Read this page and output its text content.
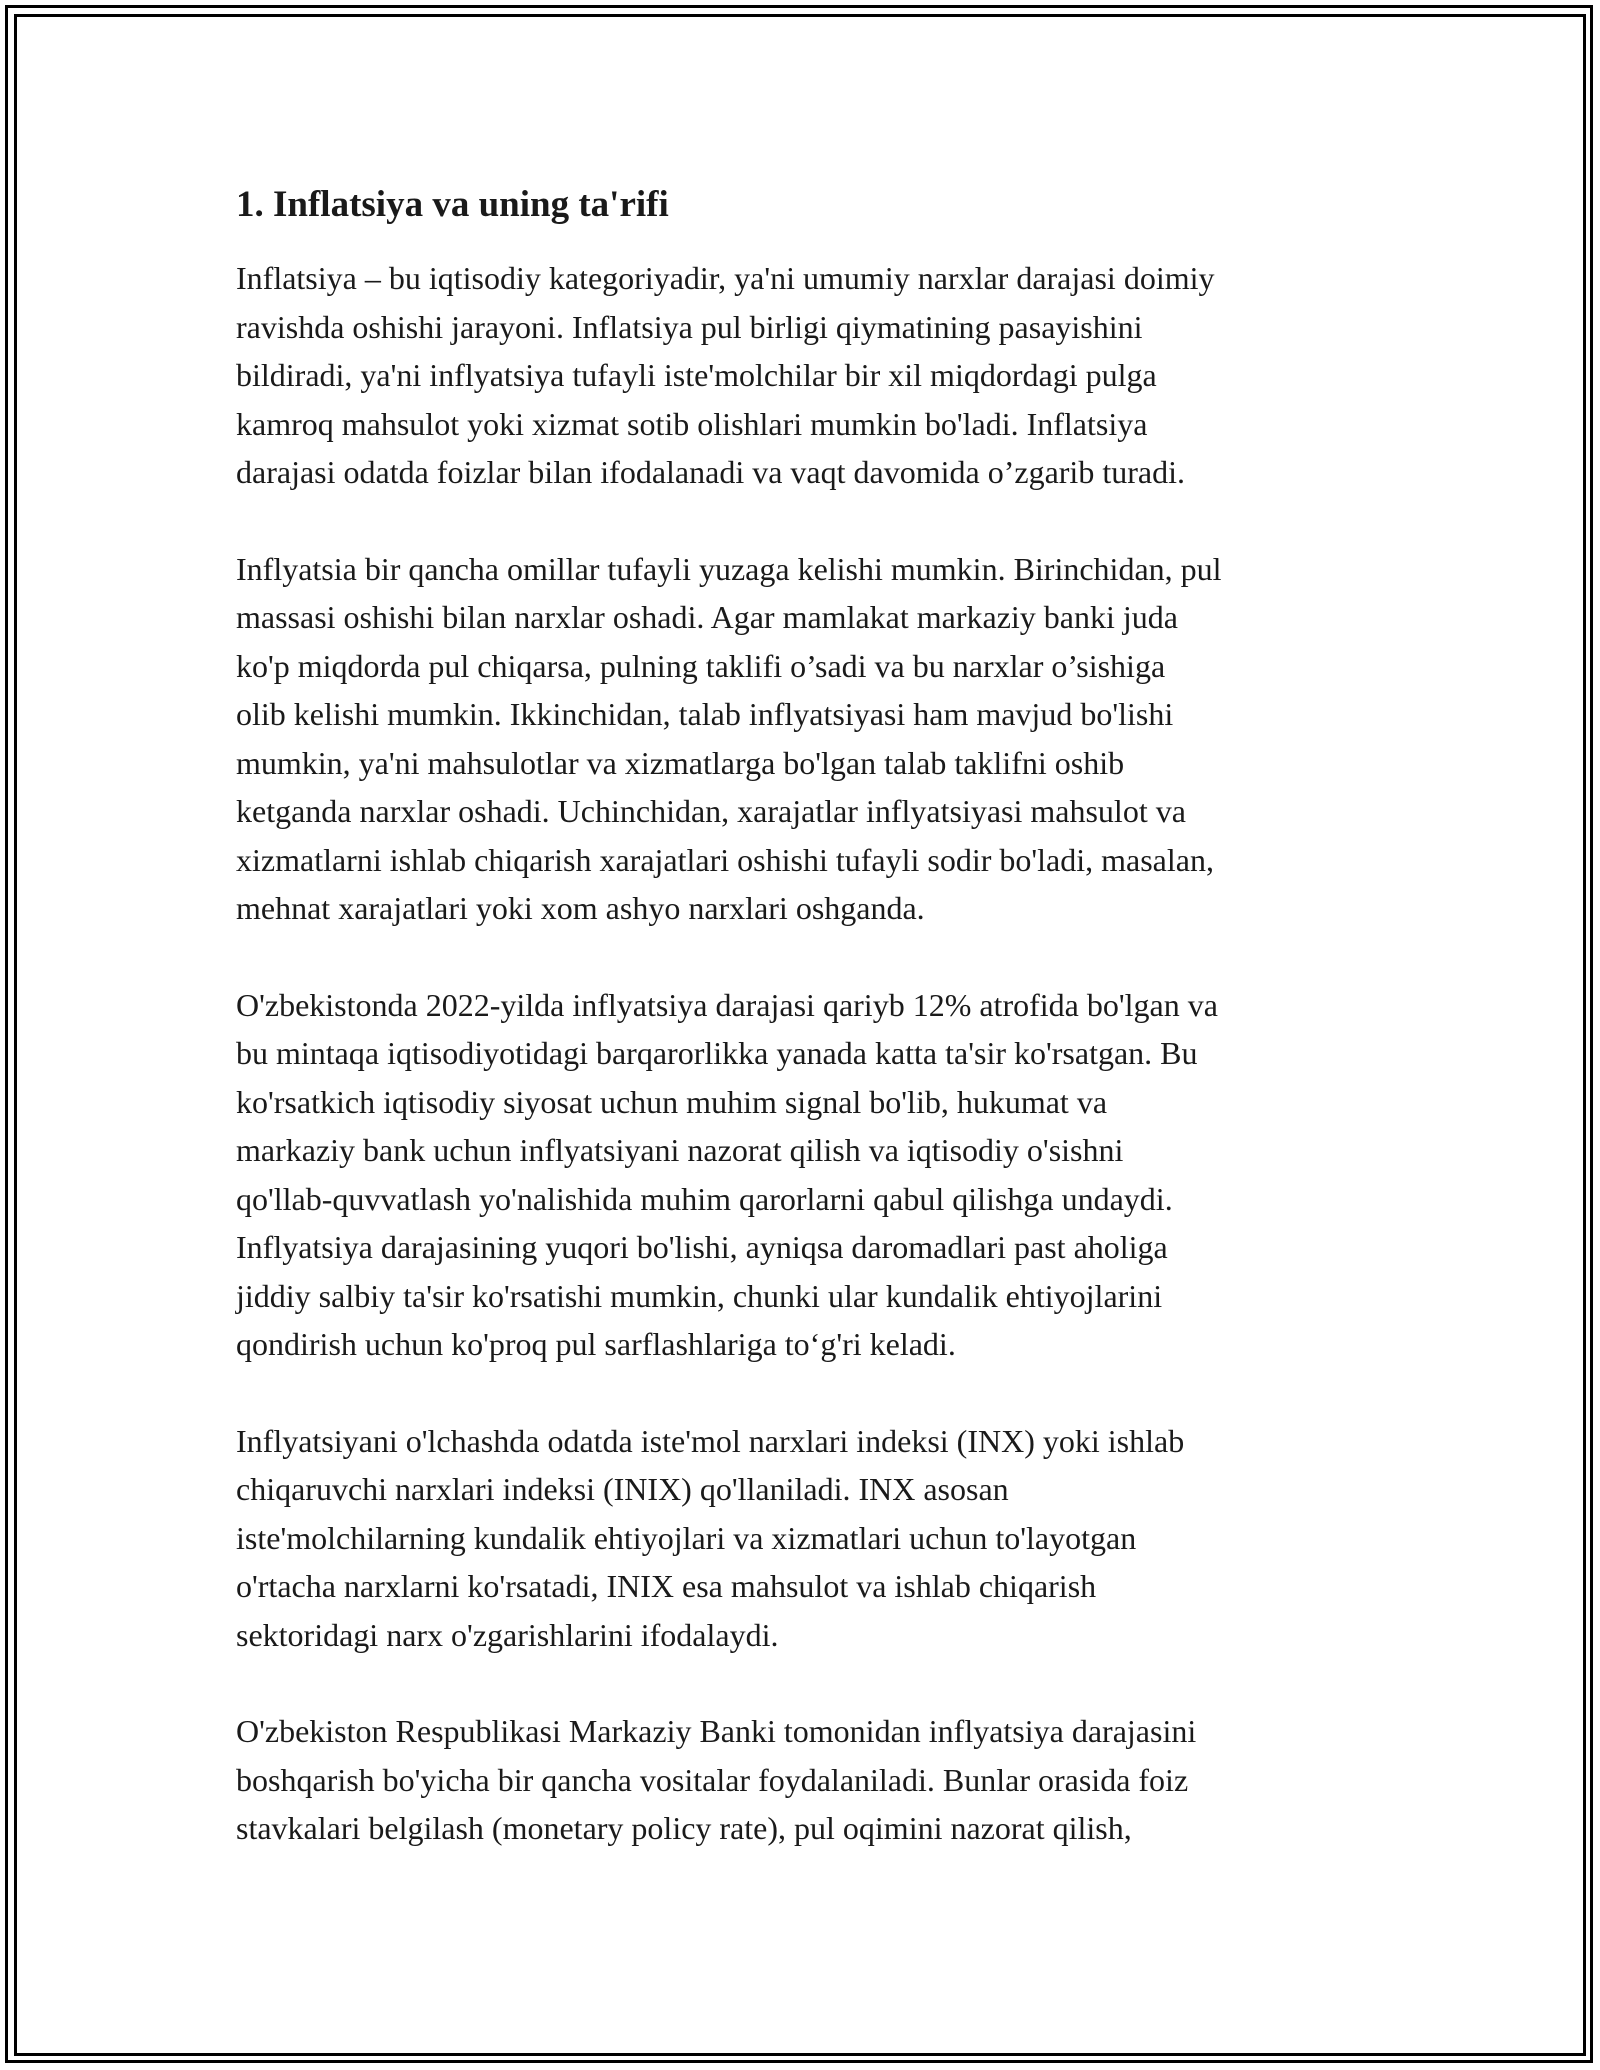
1. Inflatsiya va uning ta'rifi

Inflatsiya – bu iqtisodiy kategoriyadir, ya'ni umumiy narxlar darajasi doimiy
ravishda oshishi jarayoni. Inflatsiya pul birligi qiymatining pasayishini
bildiradi, ya'ni inflyatsiya tufayli iste'molchilar bir xil miqdordagi pulga
kamroq mahsulot yoki xizmat sotib olishlari mumkin bo'ladi. Inflatsiya
darajasi odatda foizlar bilan ifodalanadi va vaqt davomida o’zgarib turadi.

Inflyatsia bir qancha omillar tufayli yuzaga kelishi mumkin. Birinchidan, pul
massasi oshishi bilan narxlar oshadi. Agar mamlakat markaziy banki juda
ko'p miqdorda pul chiqarsa, pulning taklifi o’sadi va bu narxlar o’sishiga
olib kelishi mumkin. Ikkinchidan, talab inflyatsiyasi ham mavjud bo'lishi
mumkin, ya'ni mahsulotlar va xizmatlarga bo'lgan talab taklifni oshib
ketganda narxlar oshadi. Uchinchidan, xarajatlar inflyatsiyasi mahsulot va
xizmatlarni ishlab chiqarish xarajatlari oshishi tufayli sodir bo'ladi, masalan,
mehnat xarajatlari yoki xom ashyo narxlari oshganda.

O'zbekistonda 2022-yilda inflyatsiya darajasi qariyb 12% atrofida bo'lgan va
bu mintaqa iqtisodiyotidagi barqarorlikka yanada katta ta'sir ko'rsatgan. Bu
ko'rsatkich iqtisodiy siyosat uchun muhim signal bo'lib, hukumat va
markaziy bank uchun inflyatsiyani nazorat qilish va iqtisodiy o'sishni
qo'llab-quvvatlash yo'nalishida muhim qarorlarni qabul qilishga undaydi.
Inflyatsiya darajasining yuqori bo'lishi, ayniqsa daromadlari past aholiga
jiddiy salbiy ta'sir ko'rsatishi mumkin, chunki ular kundalik ehtiyojlarini
qondirish uchun ko'proq pul sarflashlariga to‘g'ri keladi.

Inflyatsiyani o'lchashda odatda iste'mol narxlari indeksi (INX) yoki ishlab
chiqaruvchi narxlari indeksi (INIX) qo'llaniladi. INX asosan
iste'molchilarning kundalik ehtiyojlari va xizmatlari uchun to'layotgan
o'rtacha narxlarni ko'rsatadi, INIX esa mahsulot va ishlab chiqarish
sektoridagi narx o'zgarishlarini ifodalaydi.

O'zbekiston Respublikasi Markaziy Banki tomonidan inflyatsiya darajasini
boshqarish bo'yicha bir qancha vositalar foydalaniladi. Bunlar orasida foiz
stavkalari belgilash (monetary policy rate), pul oqimini nazorat qilish,
